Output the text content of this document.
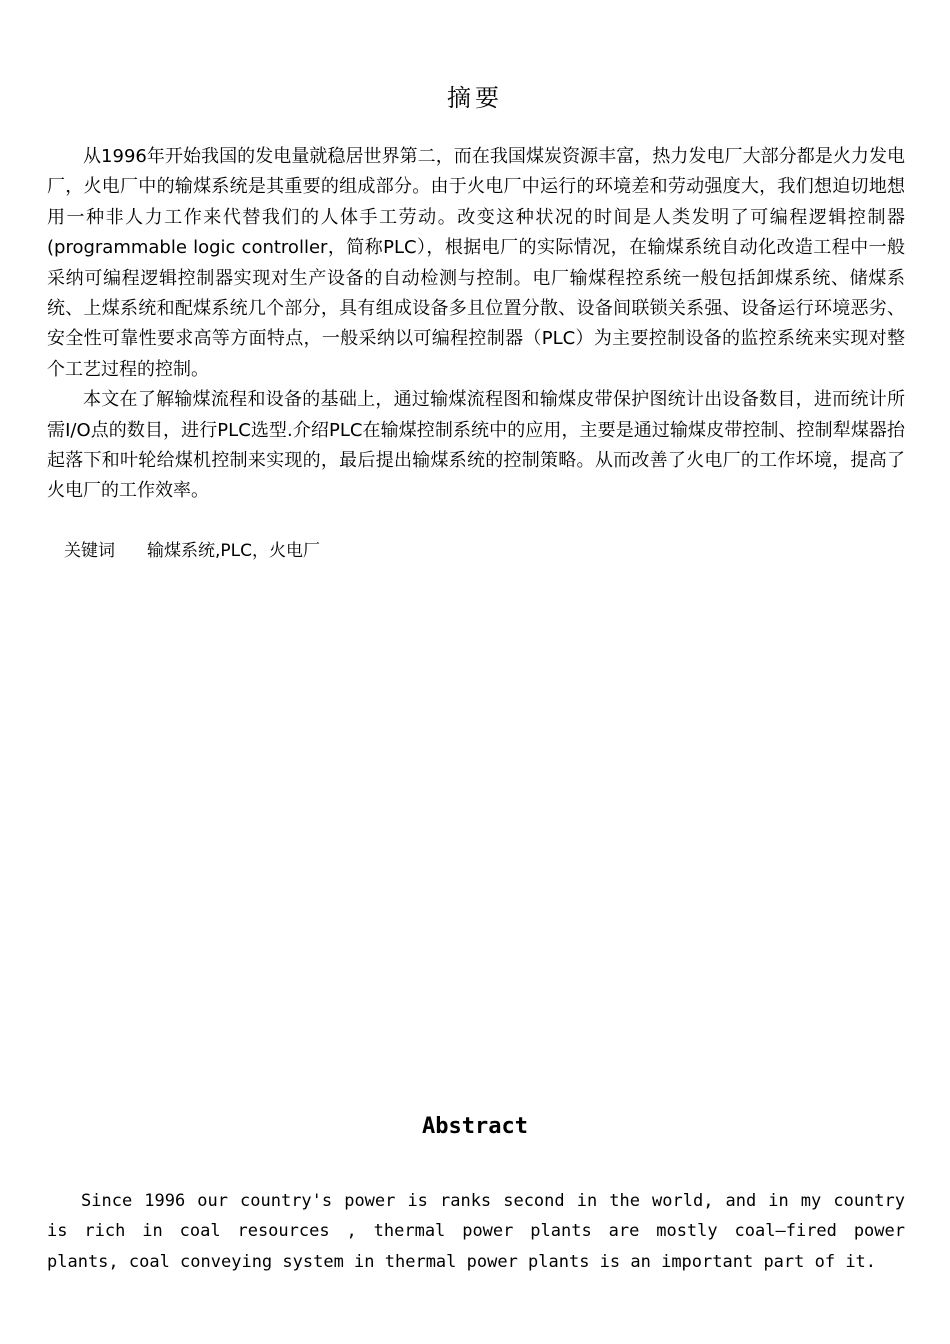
摘要

从1996年开始我国的发电量就稳居世界第二，而在我国煤炭资源丰富，热力发电厂大部分都是火力发电厂，火电厂中的输煤系统是其重要的组成部分。由于火电厂中运行的环境差和劳动强度大，我们想迫切地想用一种非人力工作来代替我们的人体手工劳动。改变这种状况的时间是人类发明了可编程逻辑控制器(programmable logic controller，简称PLC），根据电厂的实际情况，在输煤系统自动化改造工程中一般采纳可编程逻辑控制器实现对生产设备的自动检测与控制。电厂输煤程控系统一般包括卸煤系统、储煤系统、上煤系统和配煤系统几个部分，具有组成设备多且位置分散、设备间联锁关系强、设备运行环境恶劣、安全性可靠性要求高等方面特点，一般采纳以可编程控制器（PLC）为主要控制设备的监控系统来实现对整个工艺过程的控制。

本文在了解输煤流程和设备的基础上，通过输煤流程图和输煤皮带保护图统计出设备数目，进而统计所需I/O点的数目，进行PLC选型.介绍PLC在输煤控制系统中的应用，主要是通过输煤皮带控制、控制犁煤器抬起落下和叶轮给煤机控制来实现的，最后提出输煤系统的控制策略。从而改善了火电厂的工作坏境，提高了火电厂的工作效率。

关键词 输煤系统,PLC，火电厂
Abstract

Since 1996 our country's power is ranks second in the world, and in my country is rich in coal resources , thermal power plants are mostly coal—fired power plants, coal conveying system in thermal power plants is an important part of it.
